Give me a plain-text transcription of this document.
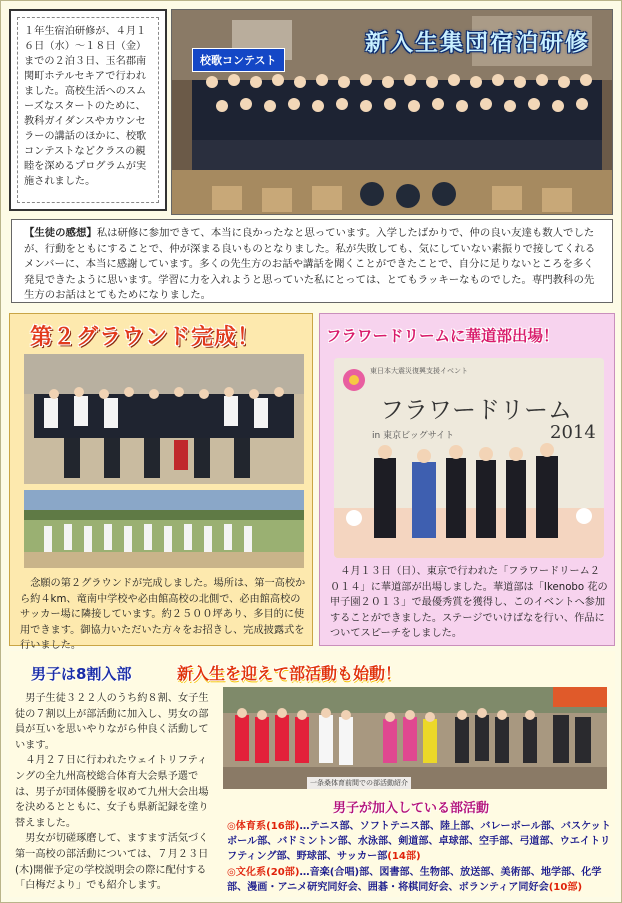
１年生宿泊研修が、４月１６日（水）～１８日（金）までの２泊３日、玉名郡南関町ホテルセキアで行われました。高校生活へのスムーズなスタートのために、教科ガイダンスやカウンセラーの講話のほかに、校歌コンテストなどクラスの親睦を深めるプログラムが実施されました。
新入生集団宿泊研修
校歌コンテスト
【生徒の感想】私は研修に参加できて、本当に良かったなと思っています。入学したばかりで、仲の良い友達も数人でしたが、行動をともにすることで、仲が深まる良いものとなりました。私が失敗しても、気にしていない素振りで接してくれるメンバーに、本当に感謝しています。多くの先生方のお話や講話を聞くことができたことで、自分に足りないところを多く発見できたように思います。学習に力を入れようと思っていた私にとっては、とてもラッキーなものでした。専門教科の先生方のお話はとてもためになりました。
第２グラウンド完成！
念願の第２グラウンドが完成しました。場所は、第一高校から約４km、竜南中学校や必由館高校の北側で、必由館高校のサッカー場に隣接しています。約２５００坪あり、多目的に使用できます。御協力いただいた方々をお招きし、完成披露式を行いました。
フラワードリームに華道部出場！
東日本大震災復興支援イベント
フラワードリーム
2014
in 東京ビッグサイト
４月１３日（日）、東京で行われた「フラワードリーム２０１４」に華道部が出場しました。華道部は「Ikenobo 花の甲子園２０１３」で最優秀賞を獲得し、このイベントへ参加することができました。ステージでいけばなを行い、作品についてスピーチをしました。
男子は8割入部	新入生を迎えて部活動も始動！

男子生徒３２２人のうち約８割、女子生徒の７割以上が部活動に加入し、男女の部員が互いを思いやりながら仲良く活動しています。

４月２７日に行われたウェイトリフティングの全九州高校総合体育大会県予選では、男子が団体優勝を収めて九州大会出場を決めるとともに、女子も県新記録を塗り替えました。

男女が切磋琢磨して、ますます活気づく第一高校の部活動については、７月２３日(木)開催予定の学校説明会の際に配付する「白梅だより」でも紹介します。

一条桑体育前間での部活動紹介
男子が加入している部活動
◎体育系(16部)…テニス部、ソフトテニス部、陸上部、バレーボール部、バスケットボール部、バドミントン部、水泳部、剣道部、卓球部、空手部、弓道部、ウエイトリフティング部、野球部、サッカー部(14部)
◎文化系(20部)…音楽(合唱)部、図書部、生物部、放送部、美術部、地学部、化学部、漫画・アニメ研究同好会、囲碁・将棋同好会、ボランティア同好会(10部)
